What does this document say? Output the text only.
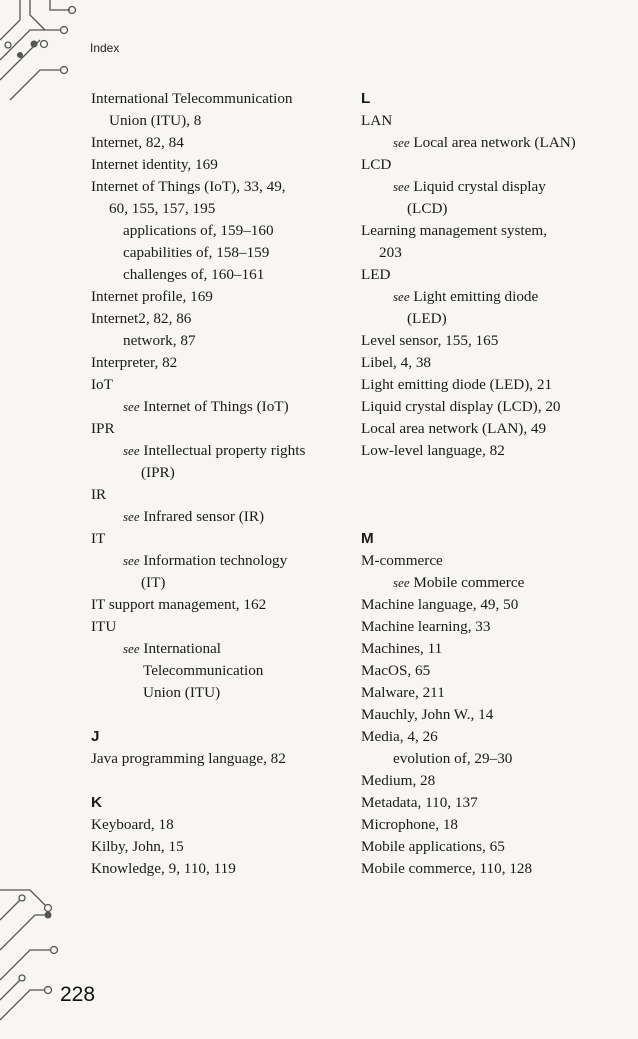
Index
International Telecommunication
Union (ITU), 8
Internet, 82, 84
Internet identity, 169
Internet of Things (IoT), 33, 49,
60, 155, 157, 195
applications of, 159–160
capabilities of, 158–159
challenges of, 160–161
Internet profile, 169
Internet2, 82, 86
network, 87
Interpreter, 82
IoT
see Internet of Things (IoT)
IPR
see Intellectual property rights
(IPR)
IR
see Infrared sensor (IR)
IT
see Information technology
(IT)
IT support management, 162
ITU
see International
Telecommunication
Union (ITU)
J
Java programming language, 82
K
Keyboard, 18
Kilby, John, 15
Knowledge, 9, 110, 119
L
LAN
see Local area network (LAN)
LCD
see Liquid crystal display
(LCD)
Learning management system,
203
LED
see Light emitting diode
(LED)
Level sensor, 155, 165
Libel, 4, 38
Light emitting diode (LED), 21
Liquid crystal display (LCD), 20
Local area network (LAN), 49
Low-level language, 82
M
M-commerce
see Mobile commerce
Machine language, 49, 50
Machine learning, 33
Machines, 11
MacOS, 65
Malware, 211
Mauchly, John W., 14
Media, 4, 26
evolution of, 29–30
Medium, 28
Metadata, 110, 137
Microphone, 18
Mobile applications, 65
Mobile commerce, 110, 128
228
